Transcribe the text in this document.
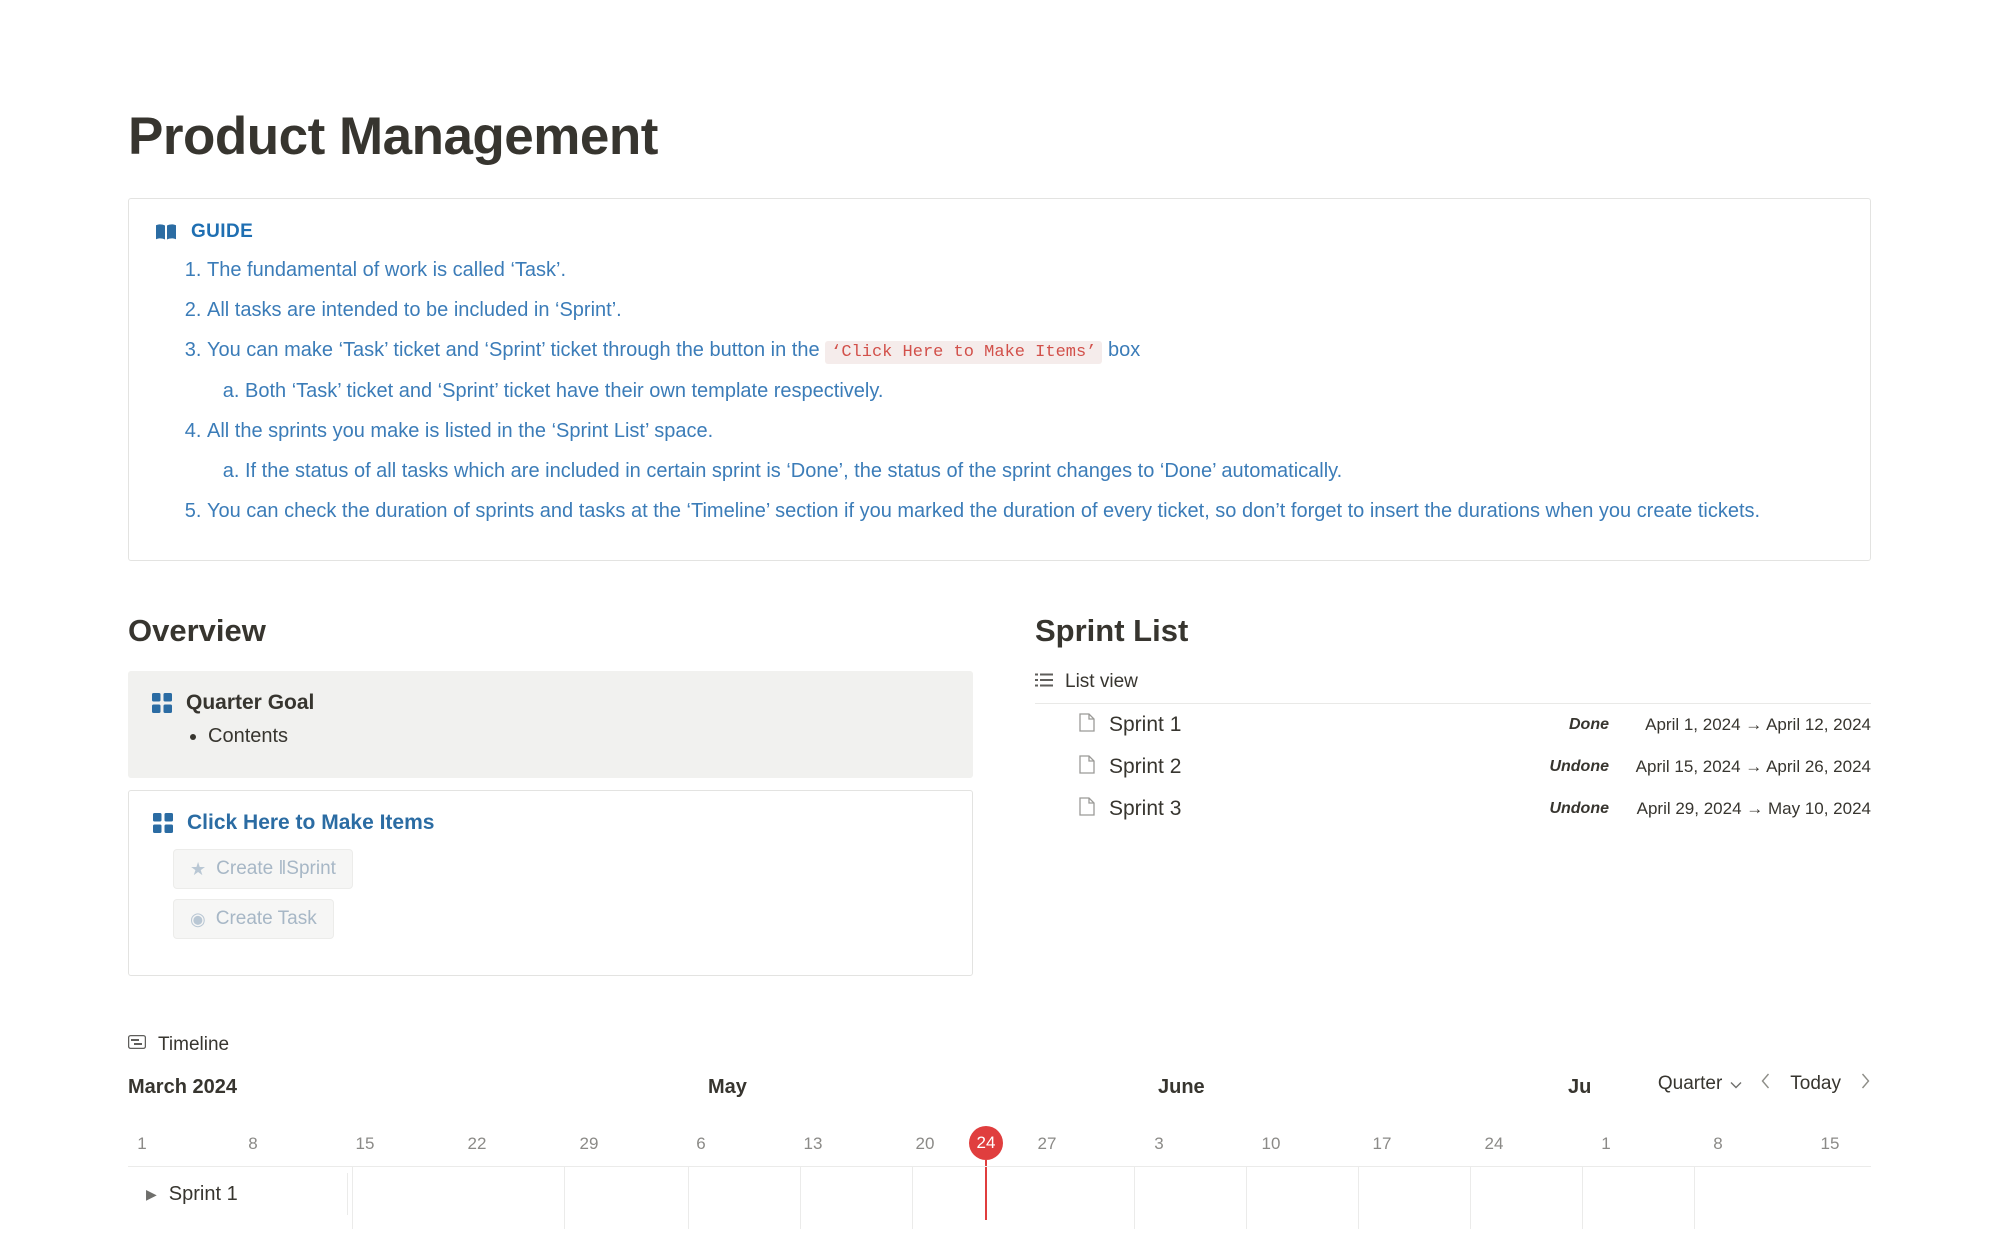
Product Management
GUIDE
1. The fundamental of work is called ‘Task’.
2. All tasks are intended to be included in ‘Sprint’.
3. You can make ‘Task’ ticket and ‘Sprint’ ticket through the button in the ‘Click Here to Make Items’ box
a. Both ‘Task’ ticket and ‘Sprint’ ticket have their own template respectively.
4. All the sprints you make is listed in the ‘Sprint List’ space.
a. If the status of all tasks which are included in certain sprint is ‘Done’, the status of the sprint changes to ‘Done’ automatically.
5. You can check the duration of sprints and tasks at the ‘Timeline’ section if you marked the duration of every ticket, so don’t forget to insert the durations when you create tickets.
Overview
Quarter Goal
• Contents
Click Here to Make Items
★ Create ‖Sprint

◉ Create Task
Sprint List
List view
Sprint 1	Done	April 1, 2024 → April 12, 2024
Sprint 2	Undone April 15, 2024 → April 26, 2024
Sprint 3	Undone	April 29, 2024 → May 10, 2024
Timeline
March 2024	May	June	Ju	Quarter	Today
1	8	15	22	29	6	13	20	27	3	10	17	24	1	8	15
24
▶ Sprint 1
